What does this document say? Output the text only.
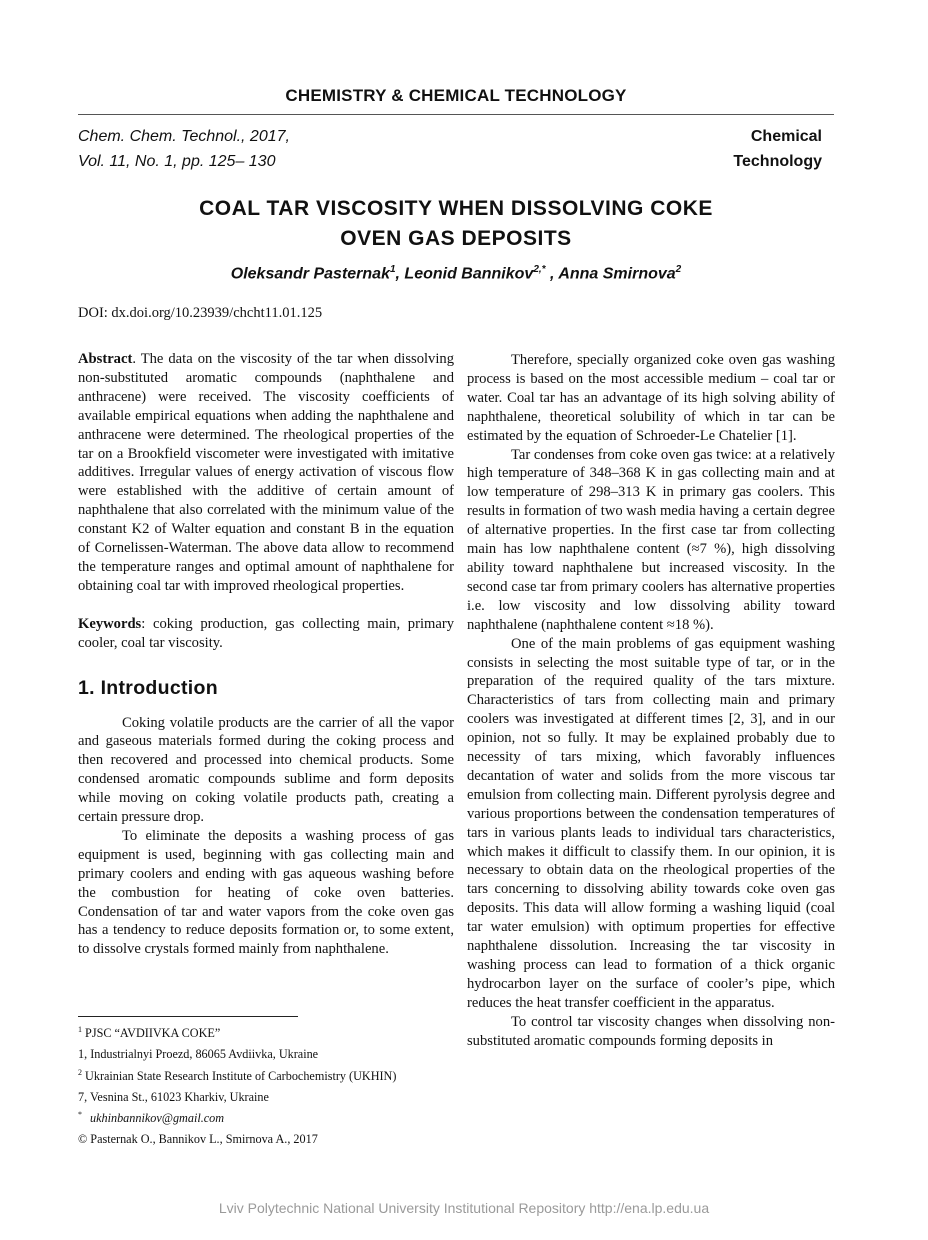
CHEMISTRY & CHEMICAL TECHNOLOGY
Chem. Chem. Technol., 2017,
Vol. 11, No. 1, pp. 125– 130
Chemical
Technology
COAL TAR VISCOSITY WHEN DISSOLVING COKE
OVEN GAS DEPOSITS
Oleksandr Pasternak$^1$, Leonid Bannikov$^{2,*}$ , Anna Smirnova$^2$
DOI: dx.doi.org/10.23939/chcht11.01.125

Abstract. The data on the viscosity of the tar when dissolving non-substituted aromatic compounds (naphthalene and anthracene) were received. The viscosity coefficients of available empirical equations when adding the naphthalene and anthracene were determined. The rheological properties of the tar on a Brookfield viscometer were investigated with imitative additives. Irregular values of energy activation of viscous flow were established with the additive of certain amount of naphthalene that also correlated with the minimum value of the constant K2 of Walter equation and constant B in the equation of Cornelissen-Waterman. The above data allow to recommend the temperature ranges and optimal amount of naphthalene for obtaining coal tar with improved rheological properties.

Keywords: coking production, gas collecting main, primary cooler, coal tar viscosity.

1. Introduction

Coking volatile products are the carrier of all the vapor and gaseous materials formed during the coking process and then recovered and processed into chemical products. Some condensed aromatic compounds sublime and form deposits while moving on coking volatile products path, creating a certain pressure drop.

To eliminate the deposits a washing process of gas equipment is used, beginning with gas collecting main and primary coolers and ending with gas aqueous washing before the combustion for heating of coke oven batteries. Condensation of tar and water vapors from the coke oven gas has a tendency to reduce deposits formation or, to some extent, to dissolve crystals formed mainly from naphthalene.

Therefore, specially organized coke oven gas washing process is based on the most accessible medium – coal tar or water. Coal tar has an advantage of its high solving ability of naphthalene, theoretical solubility of which in tar can be estimated by the equation of Schroeder-Le Chatelier [1].

Tar condenses from coke oven gas twice: at a relatively high temperature of 348–368 K in gas collecting main and at low temperature of 298–313 K in primary gas coolers. This results in formation of two wash media having a certain degree of alternative properties. In the first case tar from collecting main has low naphthalene content (≈7 %), high dissolving ability toward naphthalene but increased viscosity. In the second case tar from primary coolers has alternative properties i.e. low viscosity and low dissolving ability toward naphthalene (naphthalene content ≈18 %).

One of the main problems of gas equipment washing consists in selecting the most suitable type of tar, or in the preparation of the required quality of the tars mixture. Characteristics of tars from collecting main and primary coolers was investigated at different times [2, 3], and in our opinion, not so fully. It may be explained probably due to necessity of tars mixing, which favorably influences decantation of water and solids from the more viscous tar emulsion from collecting main. Different pyrolysis degree and various proportions between the condensation temperatures of tars in various plants leads to individual tars characteristics, which makes it difficult to classify them. In our opinion, it is necessary to obtain data on the rheological properties of the tars concerning to dissolving ability towards coke oven gas deposits. This data will allow forming a washing liquid (coal tar water emulsion) with optimum properties for effective naphthalene dissolution. Increasing the tar viscosity in washing process can lead to formation of a thick organic hydrocarbon layer on the surface of cooler’s pipe, which reduces the heat transfer coefficient in the apparatus.

To control tar viscosity changes when dissolving non-substituted aromatic compounds forming deposits in

$^1$ PJSC “AVDIIVKA COKE”
1, Industrialnyi Proezd, 86065 Avdiivka, Ukraine
$^2$ Ukrainian State Research Institute of Carbochemistry (UKHIN)
7, Vesnina St., 61023 Kharkiv, Ukraine
* ukhinbannikov@gmail.com
© Pasternak O., Bannikov L., Smirnova A., 2017
Lviv Polytechnic National University Institutional Repository http://ena.lp.edu.ua
